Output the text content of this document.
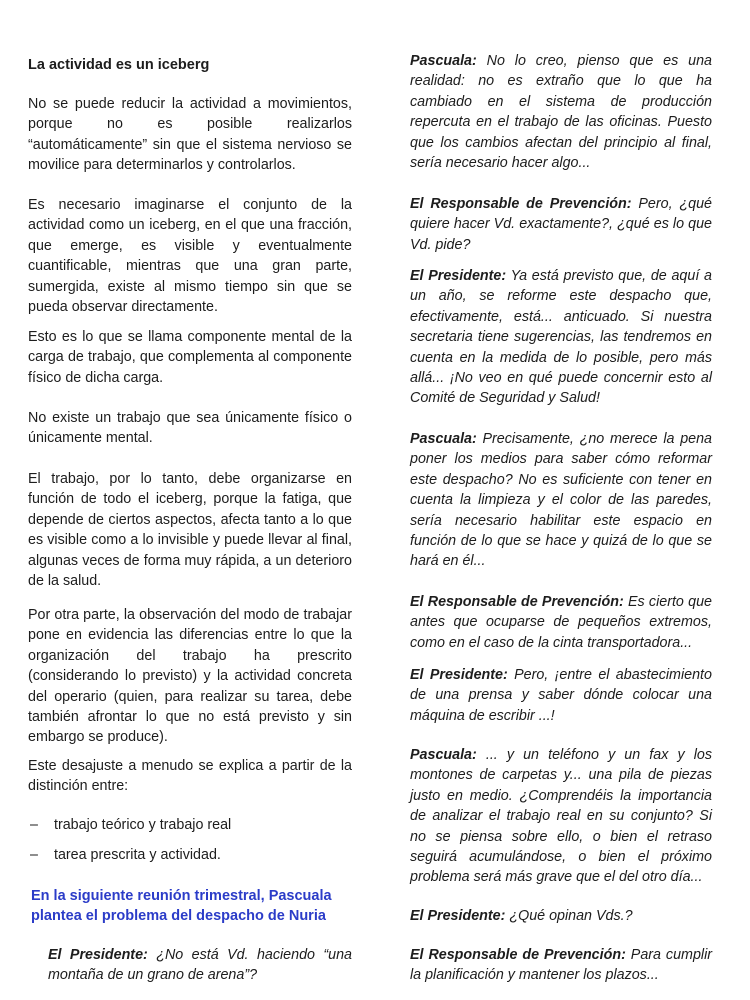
La actividad es un iceberg

No se puede reducir la actividad a movimientos, porque no es posible realizarlos “automáticamente” sin que el sistema nervioso se movilice para determinarlos y controlarlos.

Es necesario imaginarse el conjunto de la actividad como un iceberg, en el que una fracción, que emerge, es visible y eventualmente cuantificable, mientras que una gran parte, sumergida, existe al mismo tiempo sin que se pueda observar directamente.

Esto es lo que se llama componente mental de la carga de trabajo, que complementa al componente físico de dicha carga.

No existe un trabajo que sea únicamente físico o únicamente mental.

El trabajo, por lo tanto, debe organizarse en función de todo el iceberg, porque la fatiga, que depende de ciertos aspectos, afecta tanto a lo que es visible como a lo invisible y puede llevar al final, algunas veces de forma muy rápida, a un deterioro de la salud.

Por otra parte, la observación del modo de trabajar pone en evidencia las diferencias entre lo que la organización del trabajo ha prescrito (considerando lo previsto) y la actividad concreta del operario (quien, para realizar su tarea, debe también afrontar lo que no está previsto y sin embargo se produce).

Este desajuste a menudo se explica a partir de la distinción entre:

– trabajo teórico y trabajo real
– tarea prescrita y actividad.

En la siguiente reunión trimestral, Pascuala plantea el problema del despacho de Nuria

El Presidente: ¿No está Vd. haciendo “una montaña de un grano de arena”?

Pascuala: No lo creo, pienso que es una realidad: no es extraño que lo que ha cambiado en el sistema de producción repercuta en el trabajo de las oficinas. Puesto que los cambios afectan del principio al final, sería necesario hacer algo...

El Responsable de Prevención: Pero, ¿qué quiere hacer Vd. exactamente?, ¿qué es lo que Vd. pide?

El Presidente: Ya está previsto que, de aquí a un año, se reforme este despacho que, efectivamente, está... anticuado. Si nuestra secretaria tiene sugerencias, las tendremos en cuenta en la medida de lo posible, pero más allá... ¡No veo en qué puede concernir esto al Comité de Seguridad y Salud!

Pascuala: Precisamente, ¿no merece la pena poner los medios para saber cómo reformar este despacho? No es suficiente con tener en cuenta la limpieza y el color de las paredes, sería necesario habilitar este espacio en función de lo que se hace y quizá de lo que se hará en él...

El Responsable de Prevención: Es cierto que antes que ocuparse de pequeños extremos, como en el caso de la cinta transportadora...

El Presidente: Pero, ¡entre el abastecimiento de una prensa y saber dónde colocar una máquina de escribir ...!

Pascuala: ... y un teléfono y un fax y los montones de carpetas y... una pila de piezas justo en medio. ¿Comprendéis la importancia de analizar el trabajo real en su conjunto? Si no se piensa sobre ello, o bien el retraso seguirá acumulándose, o bien el próximo problema será más grave que el del otro día...

El Presidente: ¿Qué opinan Vds.?

El Responsable de Prevención: Para cumplir la planificación y mantener los plazos...
